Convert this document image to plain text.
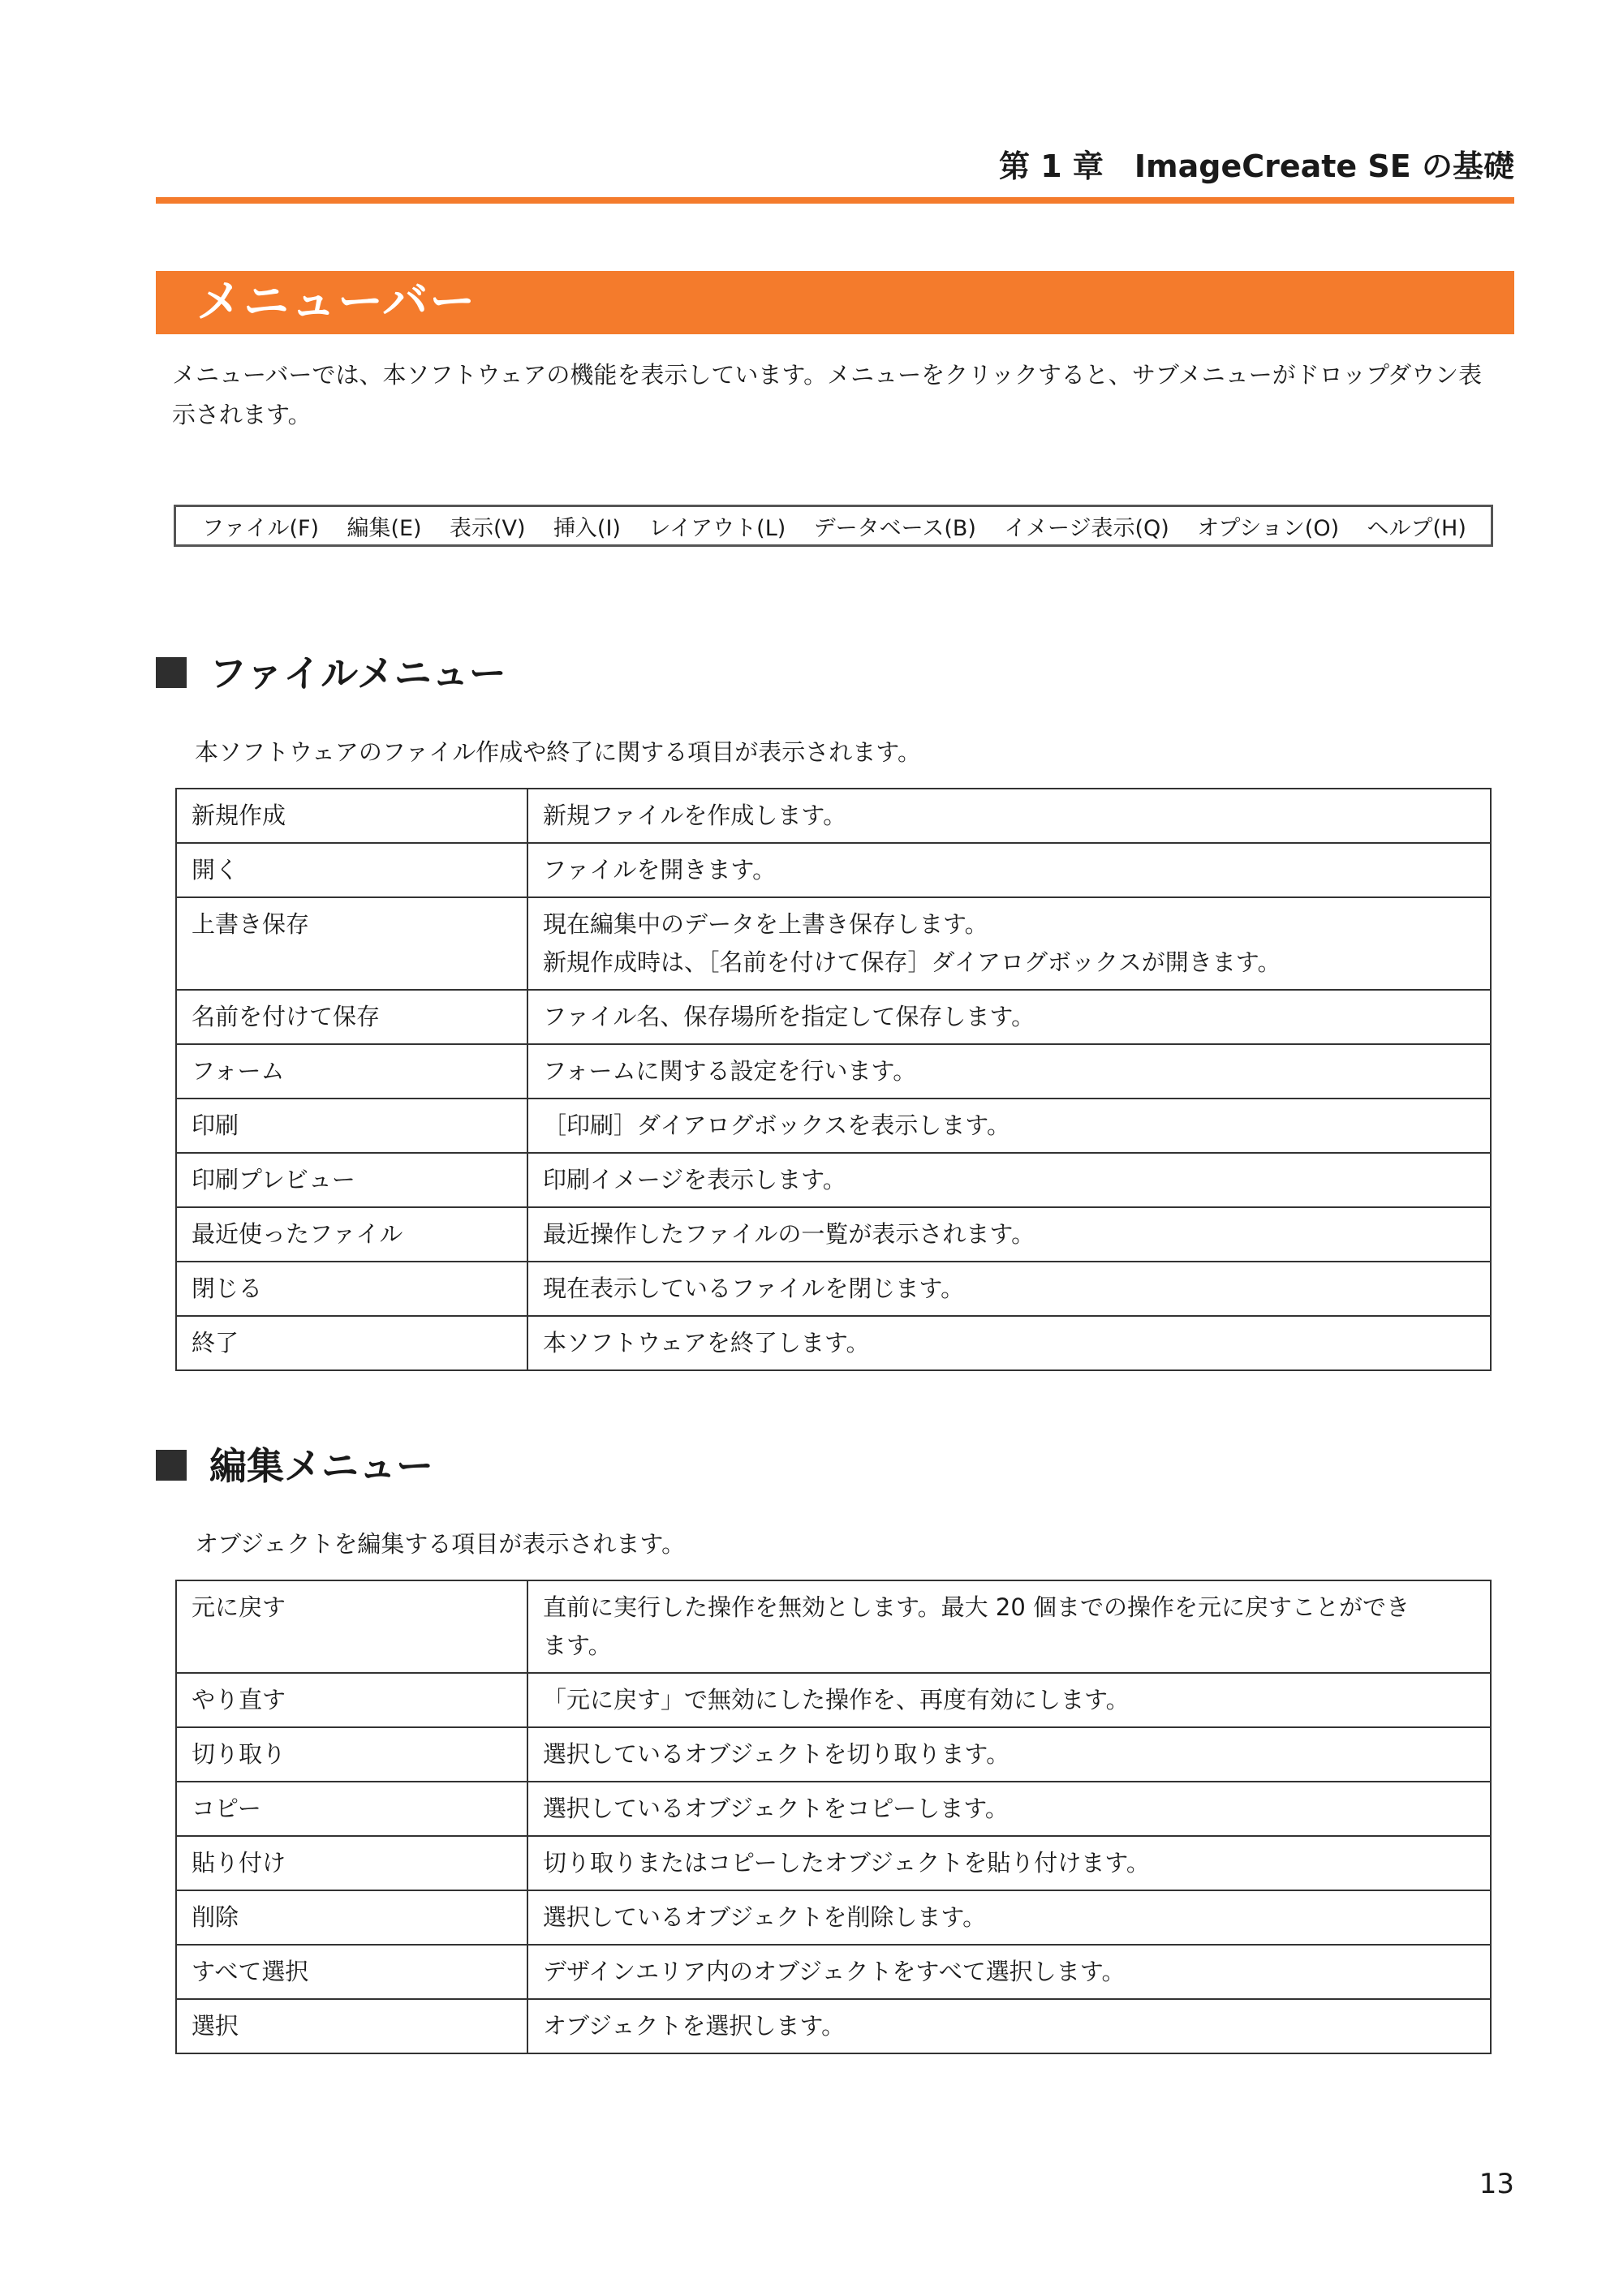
第 1 章　ImageCreate SE の基礎
メニューバー
メニューバーでは、本ソフトウェアの機能を表示しています。メニューをクリックすると、サブメニューがドロップダウン表示されます。
ファイル(F) 編集(E) 表示(V) 挿入(I) レイアウト(L) データベース(B) イメージ表示(Q) オプション(O) ヘルプ(H)
ファイルメニュー
本ソフトウェアのファイル作成や終了に関する項目が表示されます。
新規作成	新規ファイルを作成します。

開く	ファイルを開きます。

上書き保存	現在編集中のデータを上書き保存します。
新規作成時は、［名前を付けて保存］ダイアログボックスが開きます。

名前を付けて保存	ファイル名、保存場所を指定して保存します。

フォーム	フォームに関する設定を行います。

印刷	［印刷］ダイアログボックスを表示します。

印刷プレビュー	印刷イメージを表示します。

最近使ったファイル	最近操作したファイルの一覧が表示されます。

閉じる	現在表示しているファイルを閉じます。

終了	本ソフトウェアを終了します。
編集メニュー
オブジェクトを編集する項目が表示されます。
元に戻す	直前に実行した操作を無効とします。最大 20 個までの操作を元に戻すことができ
ます。

やり直す	「元に戻す」で無効にした操作を、再度有効にします。

切り取り	選択しているオブジェクトを切り取ります。

コピー	選択しているオブジェクトをコピーします。

貼り付け	切り取りまたはコピーしたオブジェクトを貼り付けます。

削除	選択しているオブジェクトを削除します。

すべて選択	デザインエリア内のオブジェクトをすべて選択します。

選択	オブジェクトを選択します。
13
